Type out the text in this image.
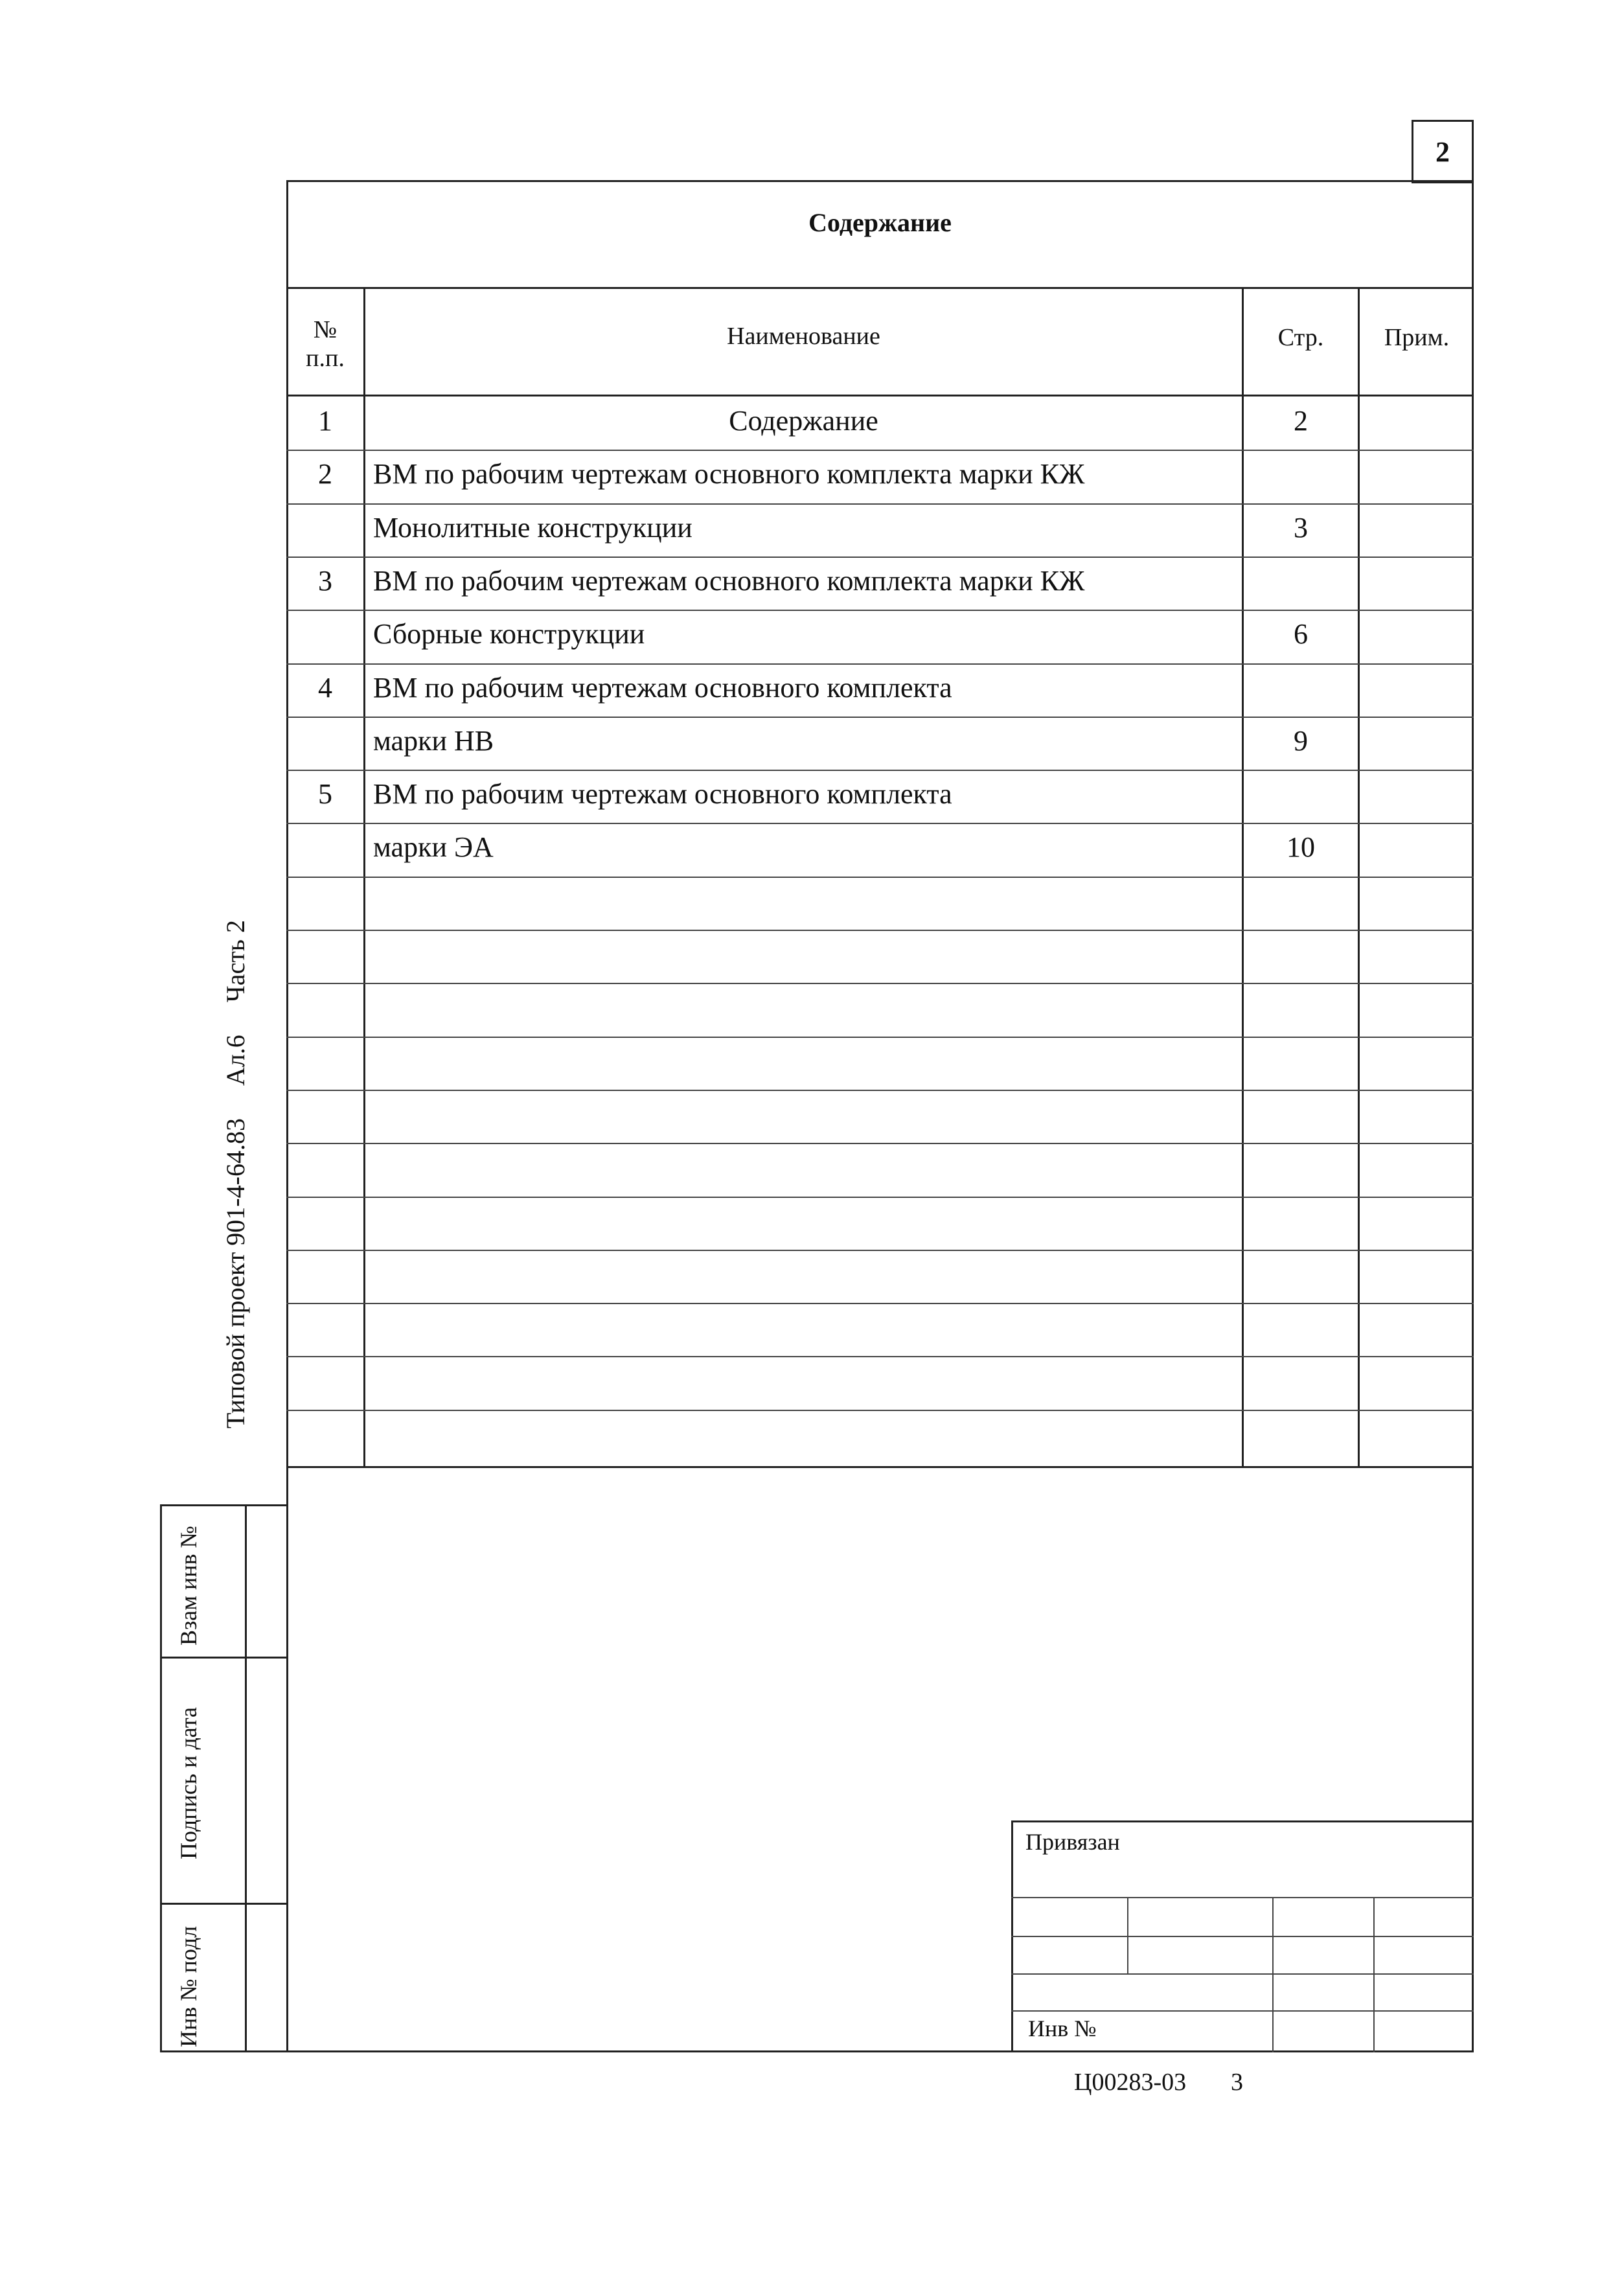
2
Содержание
№
п.п.
Наименование	Стр.	Прим.
1	Содержание	2
2	ВМ по рабочим чертежам основного комплекта марки КЖ
Монолитные конструкции	3
3	ВМ по рабочим чертежам основного комплекта марки КЖ
Сборные конструкции	6
4	ВМ по рабочим чертежам основного комплекта
марки НВ	9
5	ВМ по рабочим чертежам основного комплекта
марки ЭА	10
Взам инв №
Подпись и дата
Инв № подл
Типовой проект 901-4-64.83     Ал.6     Часть 2
Привязан
Инв №
Ц00283-03 3
